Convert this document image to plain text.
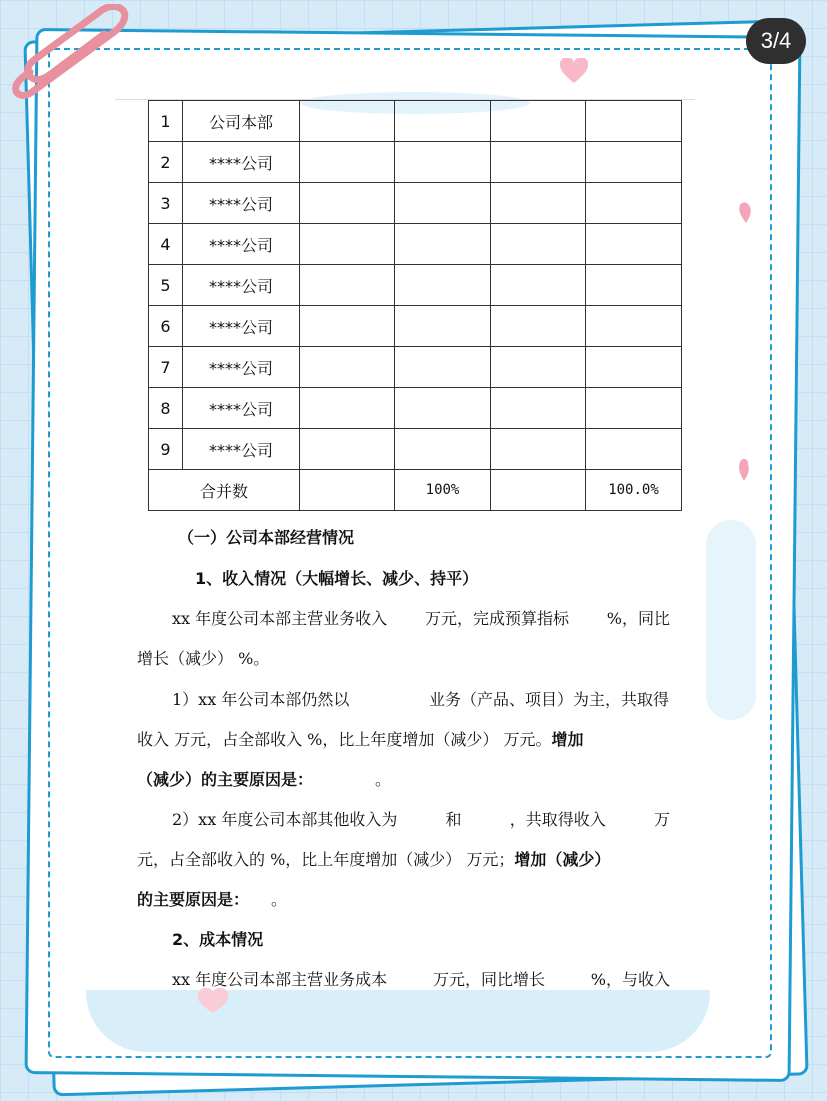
3/4
1	公司本部				
2	****公司				
3	****公司				
4	****公司				
5	****公司				
6	****公司				
7	****公司				
8	****公司				
9	****公司				
合并数			100%		100.0%
（一）公司本部经营情况
1、收入情况（大幅增长、减少、持平）
xx 年度公司本部主营业务收入 万元，完成预算指标 %，同比
增长（减少） %。
1）xx 年公司本部仍然以	业务（产品、项目）为主，共取得
收入 万元，占全部收入 %，比上年度增加（减少） 万元。增加
（减少）的主要原因是：	。
2）xx 年度公司本部其他收入为	和	，共取得收入	万
元，占全部收入的 %，比上年度增加（减少） 万元；增加（减少）
的主要原因是： 。
2、成本情况
xx 年度公司本部主营业务成本	万元，同比增长	%，与收入
